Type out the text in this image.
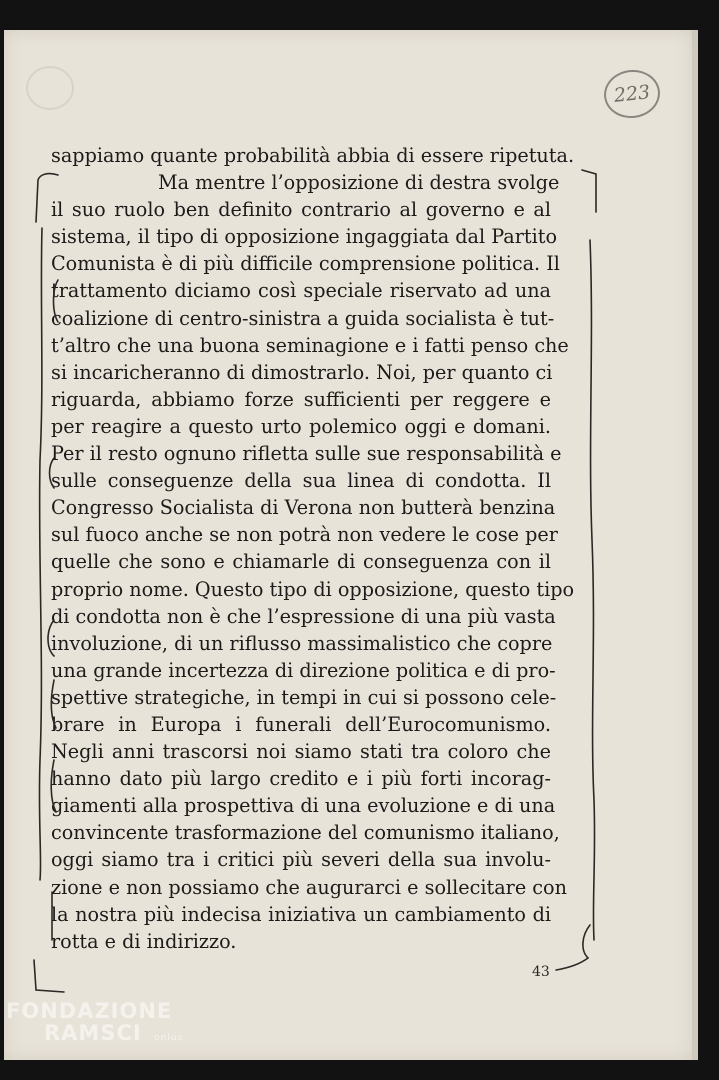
223
sappiamo quante probabilità abbia di essere ripetuta.
Ma mentre l’opposizione di destra svolge
il suo ruolo ben definito contrario al governo e al
sistema, il tipo di opposizione ingaggiata dal Partito
Comunista è di più difficile comprensione politica. Il
trattamento diciamo così speciale riservato ad una
coalizione di centro-sinistra a guida socialista è tut-
t’altro che una buona seminagione e i fatti penso che
si incaricheranno di dimostrarlo. Noi, per quanto ci
riguarda, abbiamo forze sufficienti per reggere e
per reagire a questo urto polemico oggi e domani.
Per il resto ognuno rifletta sulle sue responsabilità e
sulle conseguenze della sua linea di condotta. Il
Congresso Socialista di Verona non butterà benzina
sul fuoco anche se non potrà non vedere le cose per
quelle che sono e chiamarle di conseguenza con il
proprio nome. Questo tipo di opposizione, questo tipo
di condotta non è che l’espressione di una più vasta
involuzione, di un riflusso massimalistico che copre
una grande incertezza di direzione politica e di pro-
spettive strategiche, in tempi in cui si possono cele-
brare in Europa i funerali dell’Eurocomunismo.
Negli anni trascorsi noi siamo stati tra coloro che
hanno dato più largo credito e i più forti incorag-
giamenti alla prospettiva di una evoluzione e di una
convincente trasformazione del comunismo italiano,
oggi siamo tra i critici più severi della sua involu-
zione e non possiamo che augurarci e sollecitare con
la nostra più indecisa iniziativa un cambiamento di
rotta e di indirizzo.
43
FONDAZIONE
RAMSCI	onlus
